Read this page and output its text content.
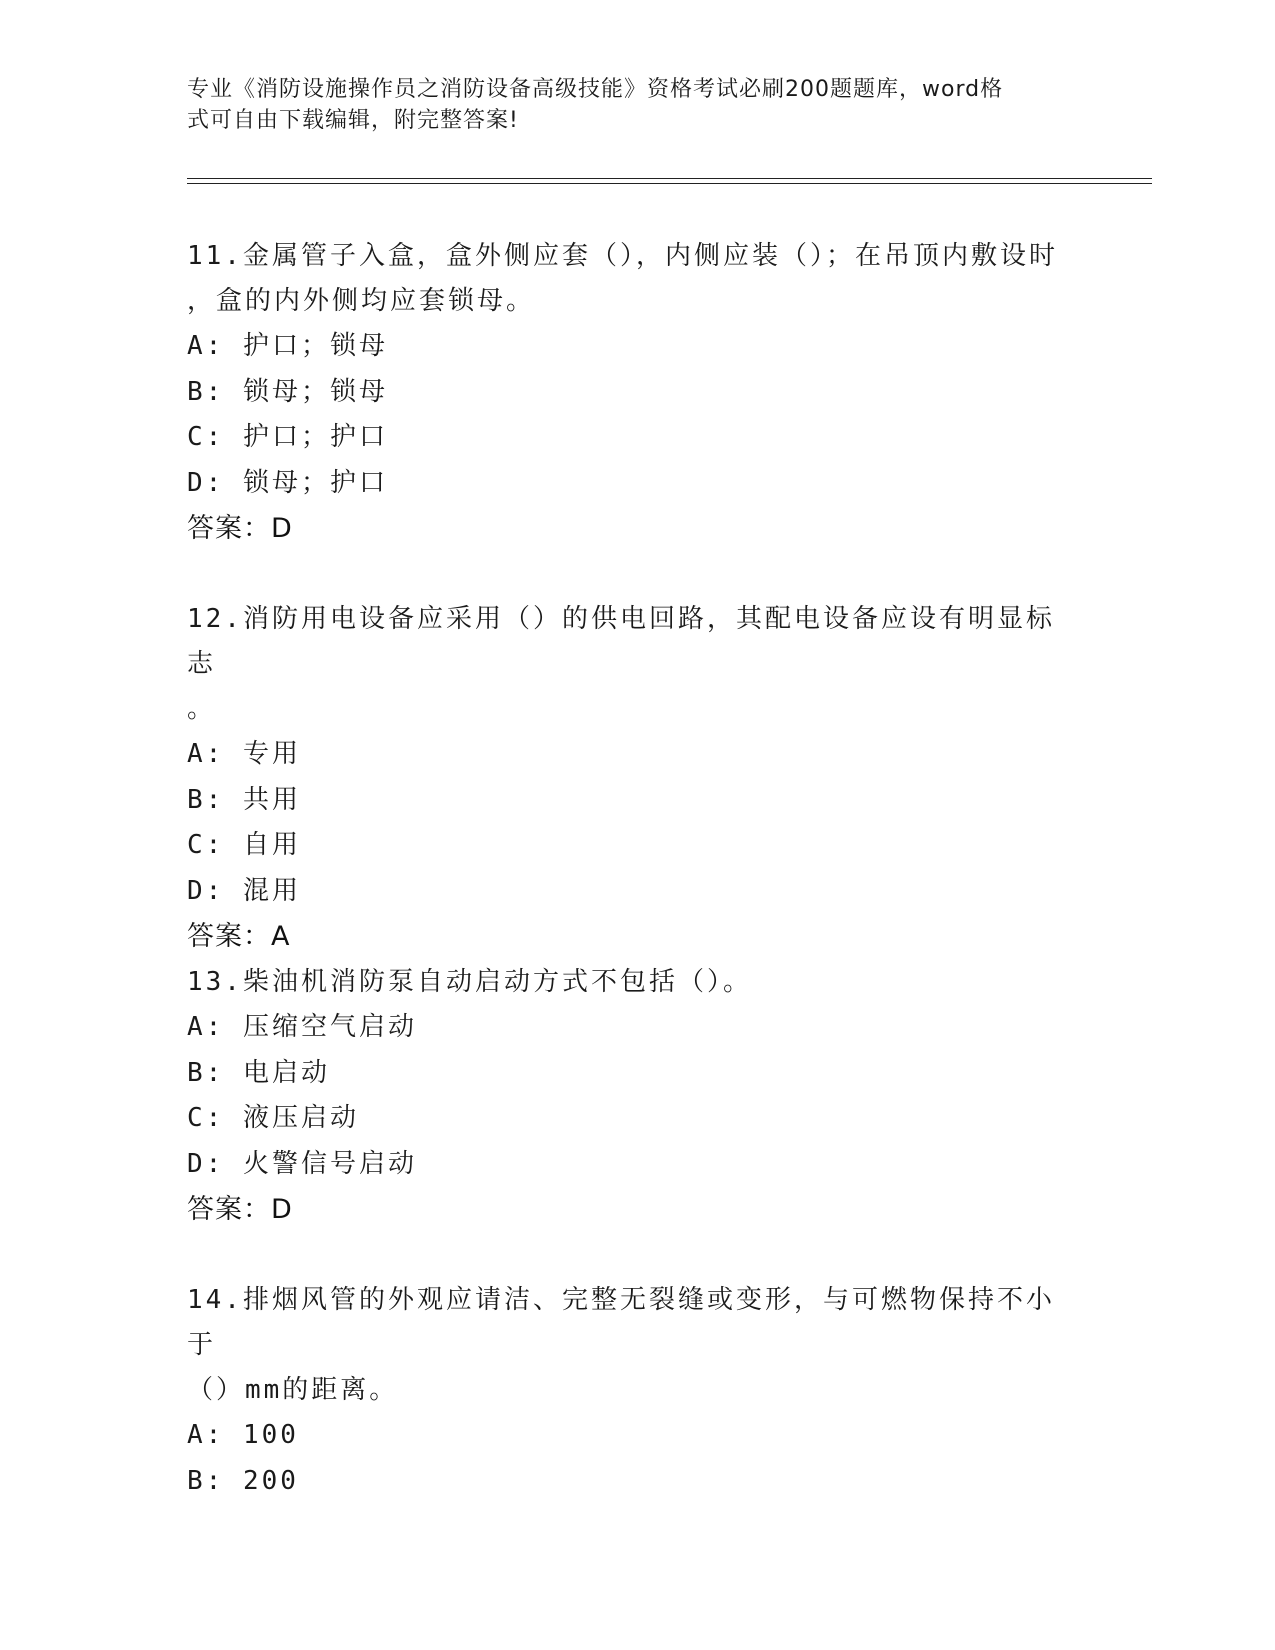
专业《消防设施操作员之消防设备高级技能》资格考试必刷200题题库，word格
式可自由下载编辑，附完整答案!

11.金属管子入盒，盒外侧应套（），内侧应装（）；在吊顶内敷设时

，盒的内外侧均应套锁母。

A: 护口；锁母

B: 锁母；锁母

C: 护口；护口

D: 锁母；护口

答案：D

12.消防用电设备应采用（）的供电回路，其配电设备应设有明显标志

。

A: 专用

B: 共用

C: 自用

D: 混用

答案：A

13.柴油机消防泵自动启动方式不包括（）。

A: 压缩空气启动

B: 电启动

C: 液压启动

D: 火警信号启动

答案：D

14.排烟风管的外观应请洁、完整无裂缝或变形，与可燃物保持不小于

（）mm的距离。

A: 100

B: 200
